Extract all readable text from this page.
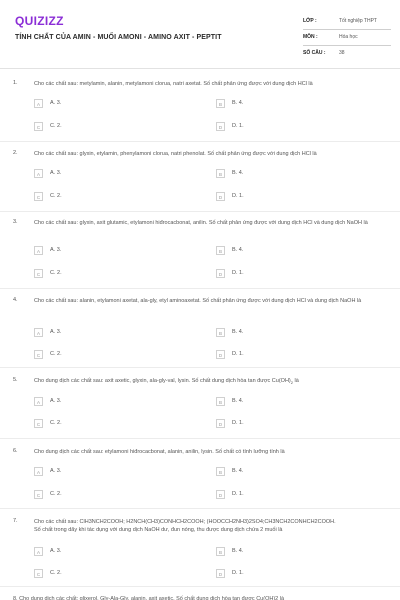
QUIZIZZ
TÍNH CHẤT CỦA AMIN - MUỐI AMONI - AMINO AXIT - PEPTIT
LỚP :	Tốt nghiệp THPT
MÔN :	Hóa học
SỐ CÂU :	38
1.	Cho các chất sau: metylamin, alanin, metylamoni clorua, natri axetat. Số chất phản ứng được với dung dịch HCl là
A	A. 3.	B	B. 4.
C	C. 2.	D	D. 1.
2.	Cho các chất sau: glyxin, etylamin, phenylamoni clorua, natri phenolat. Số chất phản ứng được với dung dịch HCl là
A	A. 3.	B	B. 4.
C	C. 2.	D	D. 1.
3.	Cho các chất sau: glyxin, axit glutamic, etylamoni hiđrocacbonat, anilin. Số chất phản ứng được với dung dịch HCl và dung dịch NaOH là
A	A. 3.	B	B. 4.
C	C. 2.	D	D. 1.
4.	Cho các chất sau: alanin, etylamoni axetat, ala-gly, etyl aminoaxetat. Số chất phản ứng được với dung dịch HCl và dung dịch NaOH là
A	A. 3.	B	B. 4.
C	C. 2.	D	D. 1.
5.	Cho dung dịch các chất sau: axit axetic, glyxin, ala-gly-val, lysin. Số chất dung dịch hòa tan được $Cu(OH)_2$ là
A	A. 3.	B	B. 4.
C	C. 2.	D	D. 1.
6.	Cho dung dịch các chất sau: etylamoni hiđrocacbonat, alanin, anilin, lysin. Số chất có tính lưỡng tính là
A	A. 3.	B	B. 4.
C	C. 2.	D	D. 1.
7.	Cho các chất sau: ClH3NCH2COOH; H2NCH(CH3)CONHCH2COOH; (HOOCCH2NH3)2SO4;CH3NCH2CONHCH2COOH.
Số chất trong dãy khi tác dụng với dung dịch NaOH dư, đun nóng, thu được dung dịch chứa 2 muối là
A	A. 3.	B	B. 4.
C	C. 2.	D	D. 1.
8. Cho dung dịch các chất: glixerol, Gly-Ala-Gly, alanin, axit axetic. Số chất dung dịch hòa tan được Cu(OH)2 là
